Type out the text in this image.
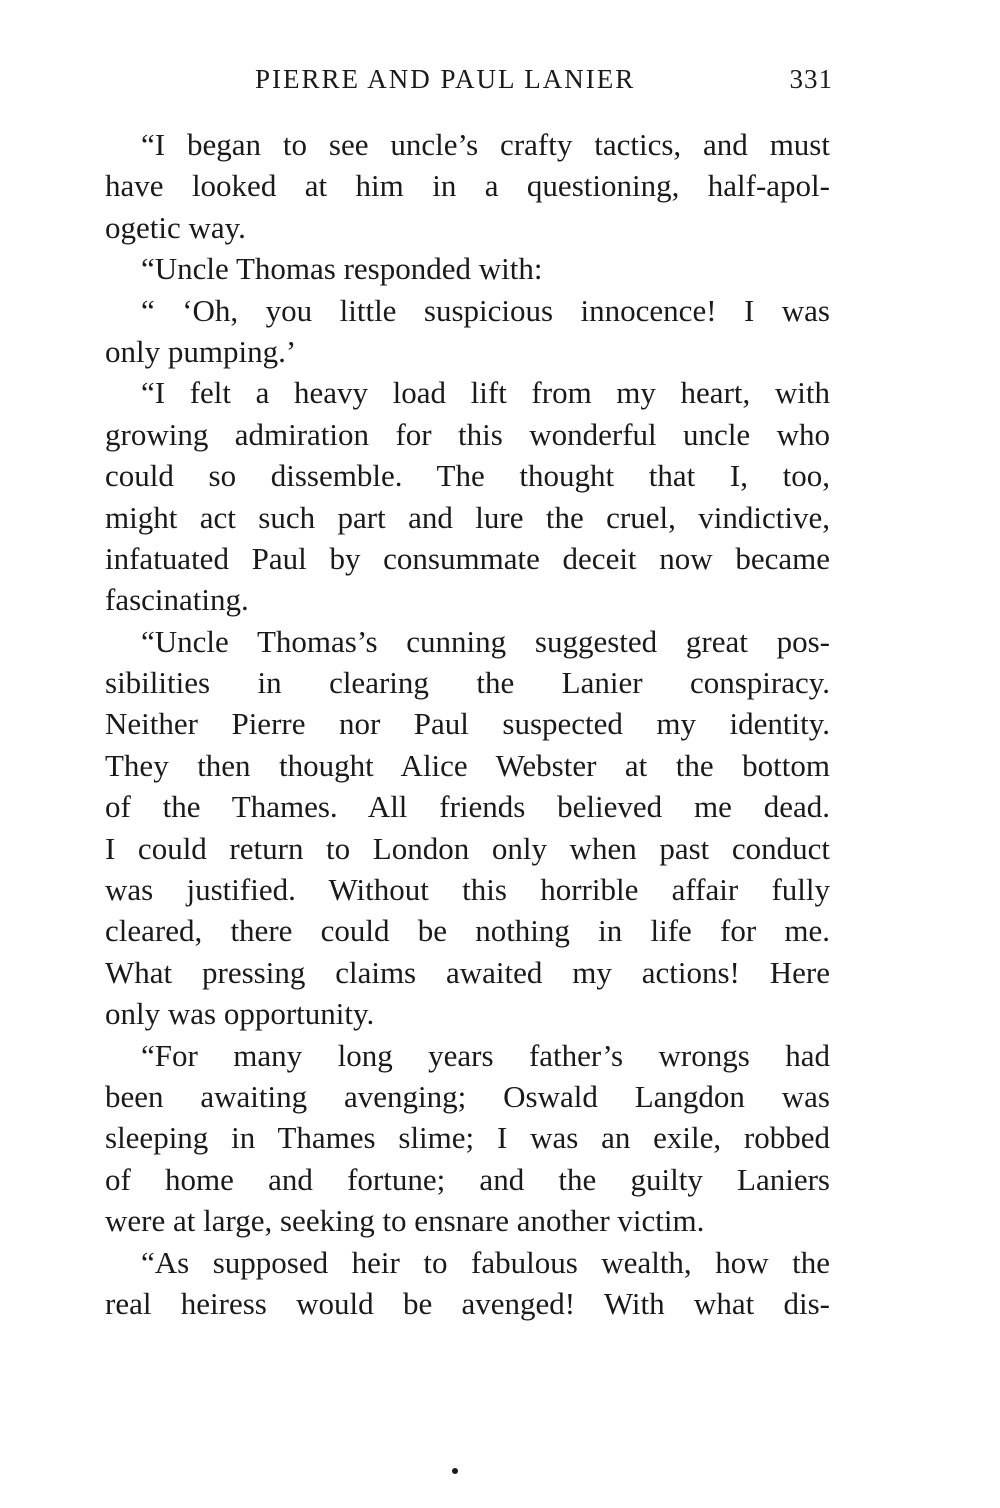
PIERRE AND PAUL LANIER	331
“I began to see uncle’s crafty tactics, and must
have looked at him in a questioning, half-apol-
ogetic way.
“Uncle Thomas responded with:
“ ‘Oh, you little suspicious innocence! I was
only pumping.’
“I felt a heavy load lift from my heart, with
growing admiration for this wonderful uncle who
could so dissemble. The thought that I, too,
might act such part and lure the cruel, vindictive,
infatuated Paul by consummate deceit now became
fascinating.
“Uncle Thomas’s cunning suggested great pos-
sibilities in clearing the Lanier conspiracy.
Neither Pierre nor Paul suspected my identity.
They then thought Alice Webster at the bottom
of the Thames. All friends believed me dead.
I could return to London only when past conduct
was justified. Without this horrible affair fully
cleared, there could be nothing in life for me.
What pressing claims awaited my actions! Here
only was opportunity.
“For many long years father’s wrongs had
been awaiting avenging; Oswald Langdon was
sleeping in Thames slime; I was an exile, robbed
of home and fortune; and the guilty Laniers
were at large, seeking to ensnare another victim.
“As supposed heir to fabulous wealth, how the
real heiress would be avenged! With what dis-
